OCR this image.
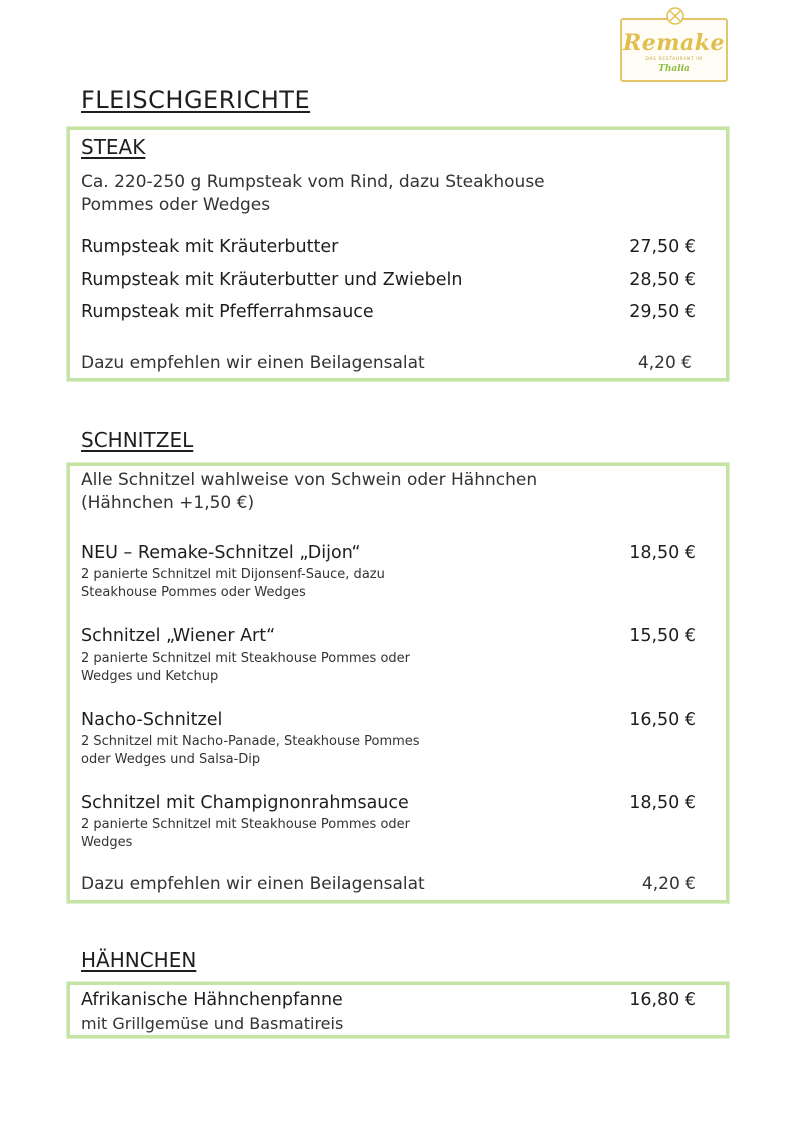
Remake
DAS RESTAURANT IM
Thalia
FLEISCHGERICHTE
STEAK
Ca. 220-250 g Rumpsteak vom Rind, dazu Steakhouse
Pommes oder Wedges
Rumpsteak mit Kräuterbutter	27,50 €
Rumpsteak mit Kräuterbutter und Zwiebeln	28,50 €
Rumpsteak mit Pfefferrahmsauce	29,50 €
Dazu empfehlen wir einen Beilagensalat	4,20 €
SCHNITZEL
Alle Schnitzel wahlweise von Schwein oder Hähnchen
(Hähnchen +1,50 €)
NEU – Remake-Schnitzel „Dijon“	18,50 €
2 panierte Schnitzel mit Dijonsenf-Sauce, dazu
Steakhouse Pommes oder Wedges
Schnitzel „Wiener Art“	15,50 €
2 panierte Schnitzel mit Steakhouse Pommes oder
Wedges und Ketchup
Nacho-Schnitzel	16,50 €
2 Schnitzel mit Nacho-Panade, Steakhouse Pommes
oder Wedges und Salsa-Dip
Schnitzel mit Champignonrahmsauce	18,50 €
2 panierte Schnitzel mit Steakhouse Pommes oder
Wedges
Dazu empfehlen wir einen Beilagensalat	4,20 €
HÄHNCHEN
Afrikanische Hähnchenpfanne	16,80 €
mit Grillgemüse und Basmatireis
